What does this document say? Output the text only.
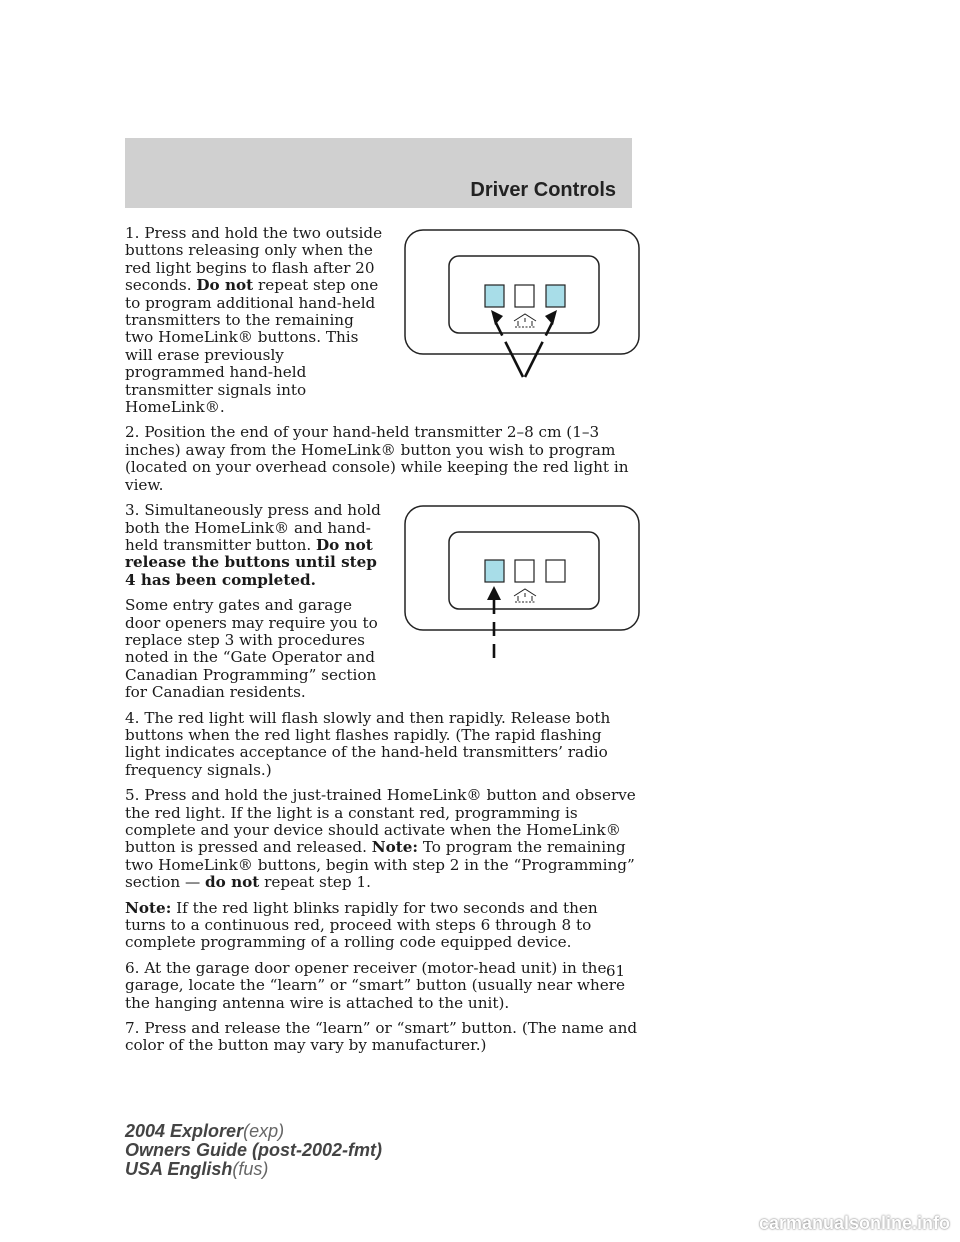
Driver Controls

1. Press and hold the two outside buttons releasing only when the red light begins to flash after 20 seconds. Do not repeat step one to program additional hand-held transmitters to the remaining two HomeLink® buttons. This will erase previously programmed hand-held transmitter signals into HomeLink®.

2. Position the end of your hand-held transmitter 2–8 cm (1–3 inches) away from the HomeLink® button you wish to program (located on your overhead console) while keeping the red light in view.

3. Simultaneously press and hold both the HomeLink® and hand-held transmitter button. Do not release the buttons until step 4 has been completed.

Some entry gates and garage door openers may require you to replace step 3 with procedures noted in the “Gate Operator and Canadian Programming” section for Canadian residents.

4. The red light will flash slowly and then rapidly. Release both buttons when the red light flashes rapidly. (The rapid flashing light indicates acceptance of the hand-held transmitters’ radio frequency signals.)

5. Press and hold the just-trained HomeLink® button and observe the red light. If the light is a constant red, programming is complete and your device should activate when the HomeLink® button is pressed and released. Note: To program the remaining two HomeLink® buttons, begin with step 2 in the “Programming” section — do not repeat step 1.

Note: If the red light blinks rapidly for two seconds and then turns to a continuous red, proceed with steps 6 through 8 to complete programming of a rolling code equipped device.

6. At the garage door opener receiver (motor-head unit) in the garage, locate the “learn” or “smart” button (usually near where the hanging antenna wire is attached to the unit).

7. Press and release the “learn” or “smart” button. (The name and color of the button may vary by manufacturer.)

61
2004 Explorer(exp)
Owners Guide (post-2002-fmt)
USA English(fus)
carmanualsonline.info
